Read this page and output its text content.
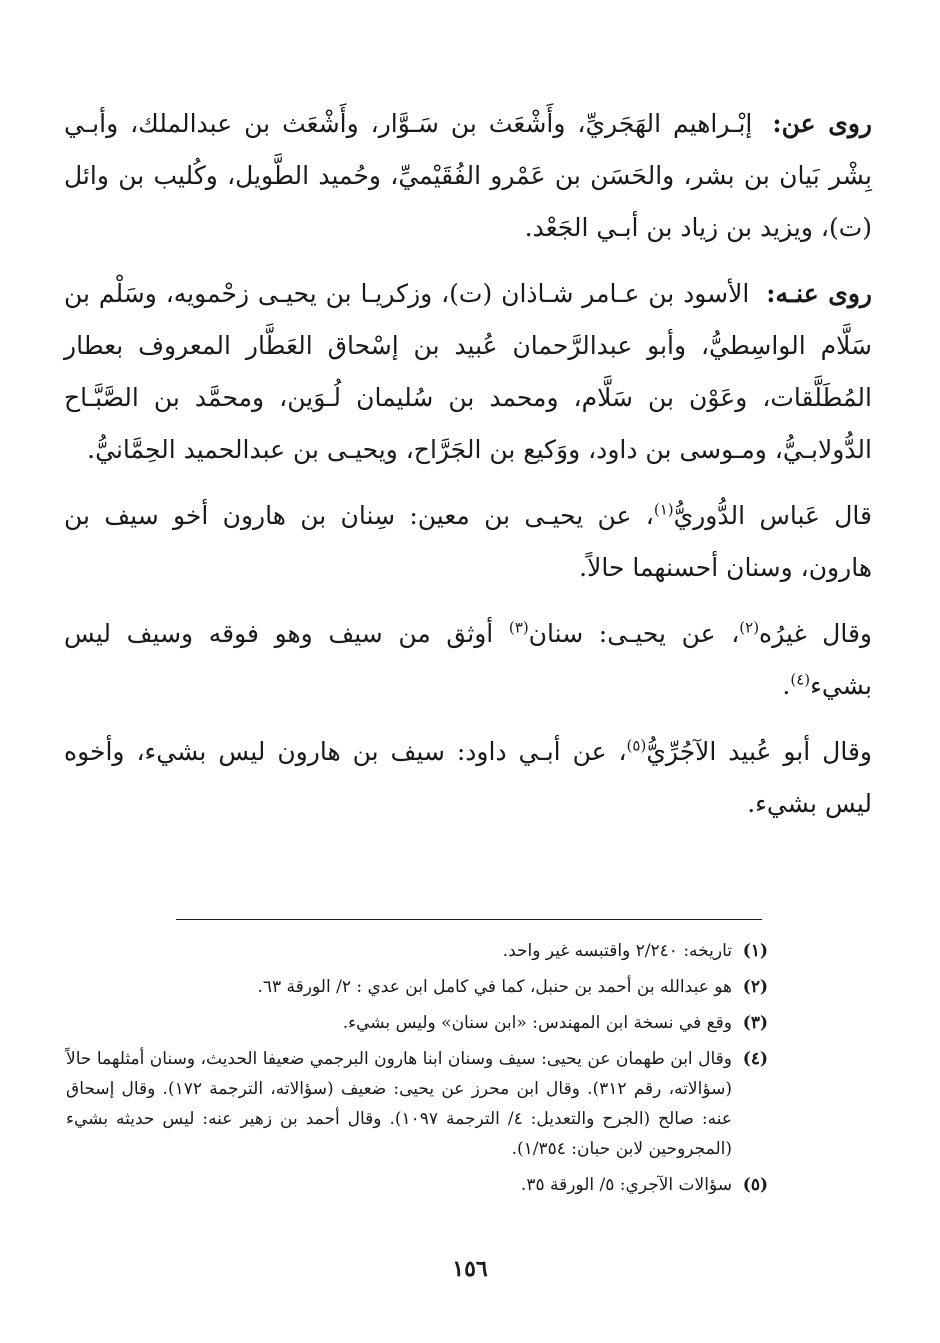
روى عن: إبْـراهيم الهَجَريِّ، وأَشْعَث بن سَـوَّار، وأَشْعَث بن عبدالملك، وأبـي بِشْر بَيان بن بشر، والحَسَن بن عَمْرو الفُقَيْميِّ، وحُميد الطَّويل، وكُليب بن وائل (ت)، ويزيد بن زياد بن أبـي الجَعْد.

روى عنـه: الأسود بن عـامر شـاذان (ت)، وزكريـا بن يحيـى زحْمويه، وسَلْم بن سَلَّام الواسِطيُّ، وأبو عبدالرَّحمان عُبيد بن إسْحاق العَطَّار المعروف بعطار المُطَلَّقات، وعَوْن بن سَلَّام، ومحمد بن سُليمان لُـوَين، ومحمَّد بن الصَّبَّـاح الدُّولابـيُّ، ومـوسى بن داود، ووَكيع بن الجَرَّاح، ويحيـى بن عبدالحميد الحِمَّانيُّ.

قال عَباس الدُّوريُّ$^{(١)}$، عن يحيـى بن معين: سِنان بن هارون أخو سيف بن هارون، وسنان أحسنهما حالاً.

وقال غيرُه$^{(٢)}$، عن يحيـى: سنان$^{(٣)}$ أوثق من سيف وهو فوقه وسيف ليس بشيء$^{(٤)}$.

وقال أبو عُبيد الآجُرِّيُّ$^{(٥)}$، عن أبـي داود: سيف بن هارون ليس بشيء، وأخوه ليس بشيء.

(١)
تاريخه: ٢/٢٤٠ واقتبسه غير واحد.
(٢)
هو عبدالله بن أحمد بن حنبل، كما في كامل ابن عدي : ٢/ الورقة ٦٣.
(٣)
وقع في نسخة ابن المهندس: «ابن سنان» وليس بشيء.
(٤)
وقال ابن طهمان عن يحيى: سيف وسنان ابنا هارون البرجمي ضعيفا الحديث، وسنان أمثلهما حالاً (سؤالاته، رقم ٣١٢). وقال ابن محرز عن يحيى: ضعيف (سؤالاته، الترجمة ١٧٢). وقال إسحاق عنه: صالح (الجرح والتعديل: ٤/ الترجمة ١٠٩٧). وقال أحمد بن زهير عنه: ليس حديثه بشيء (المجروحين لابن حبان: ١/٣٥٤).
(٥)
سؤالات الآجري: ٥/ الورقة ٣٥.
١٥٦
